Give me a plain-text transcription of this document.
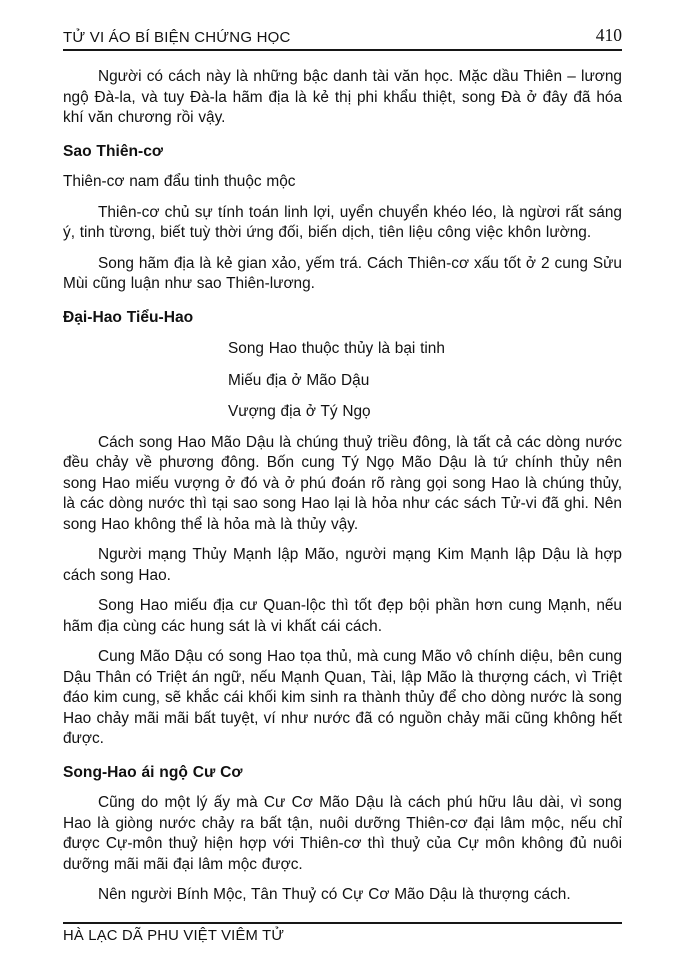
TỬ VI ÁO BÍ BIỆN CHỨNG HỌC	410

Người có cách này là những bậc danh tài văn học. Mặc dầu Thiên – lương ngộ Đà-la, và tuy Đà-la hãm địa là kẻ thị phi khẩu thiệt, song Đà ở đây đã hóa khí văn chương rồi vậy.

Sao Thiên-cơ

Thiên-cơ nam đẩu tinh thuộc mộc

Thiên-cơ chủ sự tính toán linh lợi, uyển chuyển khéo léo, là ngừơi rất sáng ý, tinh từơng, biết tuỳ thời ứng đối, biến dịch, tiên liệu công việc khôn lường.

Song hãm địa là kẻ gian xảo, yếm trá. Cách Thiên-cơ xấu tốt ở 2 cung Sửu Mùi cũng luận như sao Thiên-lương.

Đại-Hao Tiểu-Hao

Song Hao thuộc thủy là bại tinh

Miếu địa ở Mão Dậu

Vượng địa ở Tý Ngọ

Cách song Hao Mão Dậu là chúng thuỷ triều đông, là tất cả các dòng nước đều chảy về phương đông. Bốn cung Tý Ngọ Mão Dậu là tứ chính thủy nên song Hao miếu vượng ở đó và ở phú đoán rõ ràng gọi song Hao là chúng thủy, là các dòng nước thì tại sao song Hao lại là hỏa như các sách Tử-vi đã ghi. Nên song Hao không thể là hỏa mà là thủy vậy.

Người mạng Thủy Mạnh lập Mão, người mạng Kim Mạnh lập Dậu là hợp cách song Hao.

Song Hao miếu địa cư Quan-lộc thì tốt đẹp bội phần hơn cung Mạnh, nếu hãm địa cùng các hung sát là vi khất cái cách.

Cung Mão Dậu có song Hao tọa thủ, mà cung Mão vô chính diệu, bên cung Dậu Thân có Triệt án ngữ, nếu Mạnh Quan, Tài, lập Mão là thượng cách, vì Triệt đáo kim cung, sẽ khắc cái khối kim sinh ra thành thủy để cho dòng nước là song Hao chảy mãi mãi bất tuyệt, ví như nước đã có nguồn chảy mãi cũng không hết được.

Song-Hao ái ngộ Cư Cơ

Cũng do một lý ấy mà Cư Cơ Mão Dậu là cách phú hữu lâu dài, vì song Hao là giòng nước chảy ra bất tận, nuôi dưỡng Thiên-cơ đại lâm mộc, nếu chỉ được Cự-môn thuỷ hiện hợp với Thiên-cơ thì thuỷ của Cự môn không đủ nuôi dưỡng mãi mãi đại lâm mộc được.

Nên người Bính Mộc, Tân Thuỷ có Cự Cơ Mão Dậu là thượng cách.

HÀ LẠC DÃ PHU VIỆT VIÊM TỬ
